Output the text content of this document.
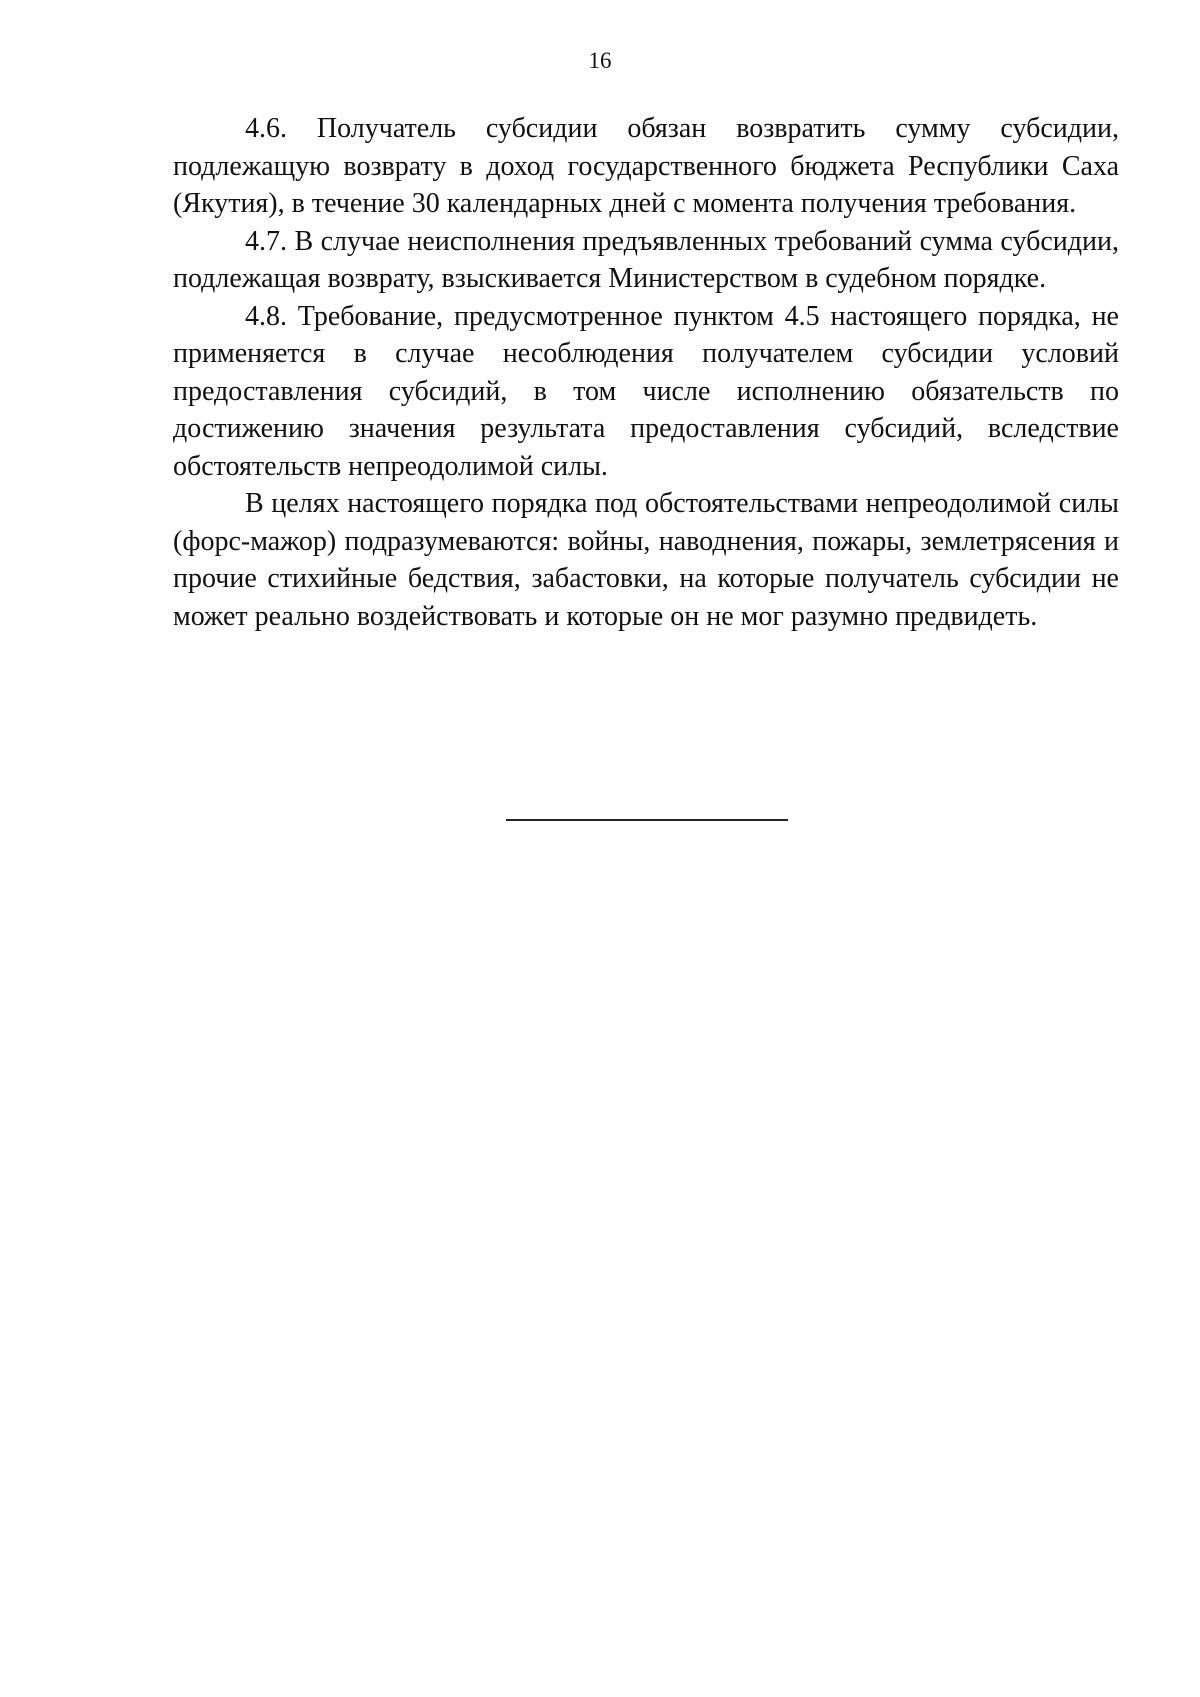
16

4.6. Получатель субсидии обязан возвратить сумму субсидии, подлежащую возврату в доход государственного бюджета Республики Саха (Якутия), в течение 30 календарных дней с момента получения требования.

4.7. В случае неисполнения предъявленных требований сумма субсидии, подлежащая возврату, взыскивается Министерством в судебном порядке.

4.8. Требование, предусмотренное пунктом 4.5 настоящего порядка, не применяется в случае несоблюдения получателем субсидии условий предоставления субсидий, в том числе исполнению обязательств по достижению значения результата предоставления субсидий, вследствие обстоятельств непреодолимой силы.

В целях настоящего порядка под обстоятельствами непреодолимой силы (форс-мажор) подразумеваются: войны, наводнения, пожары, землетрясения и прочие стихийные бедствия, забастовки, на которые получатель субсидии не может реально воздействовать и которые он не мог разумно предвидеть.
